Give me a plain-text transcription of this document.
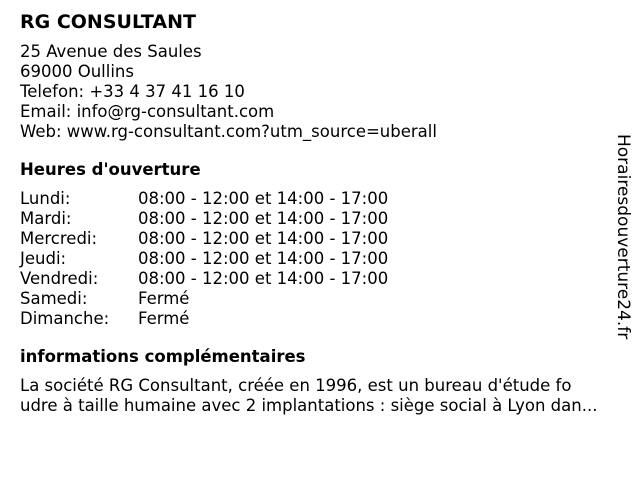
RG CONSULTANT
25 Avenue des Saules
69000 Oullins
Telefon: +33 4 37 41 16 10
Email: info@rg-consultant.com
Web: www.rg-consultant.com?utm_source=uberall
Heures d'ouverture
Lundi:	08:00 - 12:00 et 14:00 - 17:00
Mardi:	08:00 - 12:00 et 14:00 - 17:00
Mercredi:	08:00 - 12:00 et 14:00 - 17:00
Jeudi:	08:00 - 12:00 et 14:00 - 17:00
Vendredi:	08:00 - 12:00 et 14:00 - 17:00
Samedi:	Fermé
Dimanche:	Fermé
informations complémentaires
La société RG Consultant, créée en 1996, est un bureau d'étude fo
udre à taille humaine avec 2 implantations : siège social à Lyon dan...
Horairesdouverture24.fr
